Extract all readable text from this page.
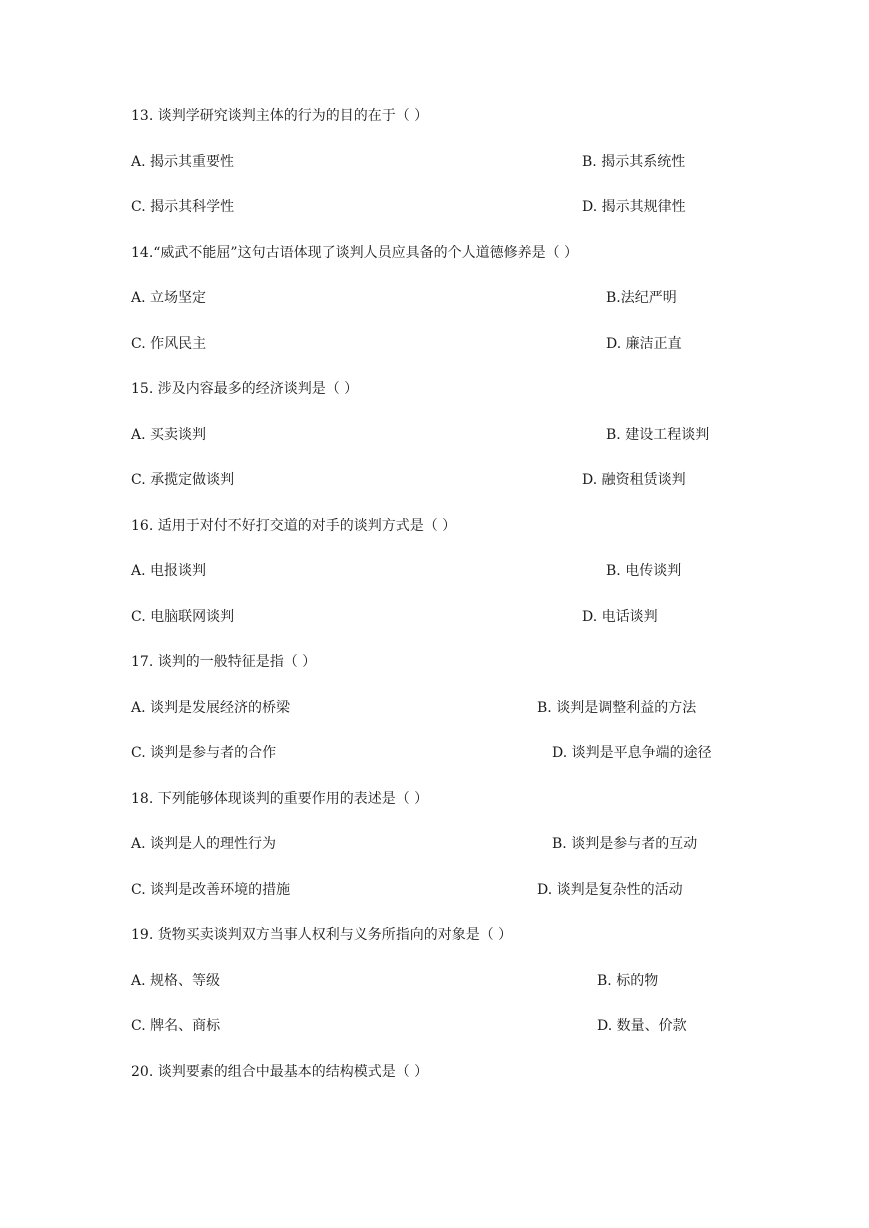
13. 谈判学研究谈判主体的行为的目的在于（ ）
A. 揭示其重要性	B. 揭示其系统性
C. 揭示其科学性	D. 揭示其规律性
14.“威武不能屈”这句古语体现了谈判人员应具备的个人道德修养是（ ）
A. 立场坚定	B.法纪严明
C. 作风民主	D. 廉洁正直
15. 涉及内容最多的经济谈判是（ ）
A. 买卖谈判	B. 建设工程谈判
C. 承揽定做谈判	D. 融资租赁谈判
16. 适用于对付不好打交道的对手的谈判方式是（ ）
A. 电报谈判	B. 电传谈判
C. 电脑联网谈判	D. 电话谈判
17. 谈判的一般特征是指（ ）
A. 谈判是发展经济的桥梁	B. 谈判是调整利益的方法
C. 谈判是参与者的合作	D. 谈判是平息争端的途径
18. 下列能够体现谈判的重要作用的表述是（ ）
A. 谈判是人的理性行为	B. 谈判是参与者的互动
C. 谈判是改善环境的措施	D. 谈判是复杂性的活动
19. 货物买卖谈判双方当事人权利与义务所指向的对象是（ ）
A. 规格、等级	B. 标的物
C. 牌名、商标	D. 数量、价款
20. 谈判要素的组合中最基本的结构模式是（ ）
